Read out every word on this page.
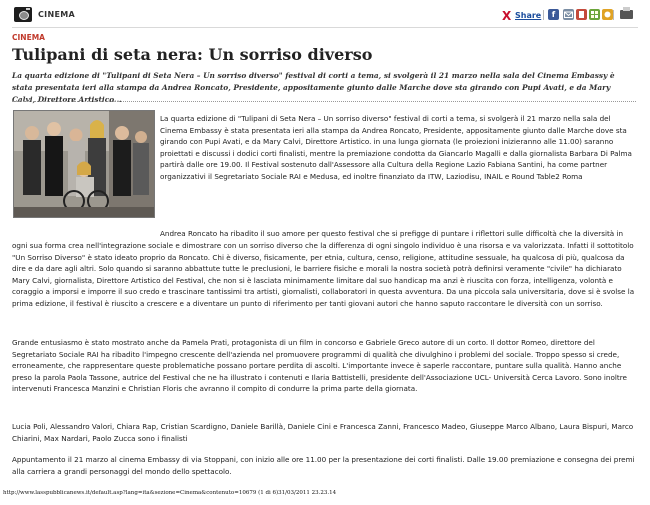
CINEMA	X Share	f
CINEMA
Tulipani di seta nera: Un sorriso diverso

La quarta edizione di "Tulipani di Seta Nera – Un sorriso diverso" festival di corti a tema, si svolgerà il 21 marzo nella sala del Cinema Embassy è stata presentata ieri alla stampa da Andrea Roncato, Presidente, appositamente giunto dalle Marche dove sta girando con Pupi Avati, e da Mary Calvi, Direttore Artistico...

La quarta edizione di "Tulipani di Seta Nera – Un sorriso diverso" festival di corti a tema, si svolgerà il 21 marzo nella sala del
Cinema Embassy è stata presentata ieri alla stampa da Andrea Roncato, Presidente, appositamente giunto dalle Marche dove sta
girando con Pupi Avati, e da Mary Calvi, Direttore Artistico. in una lunga giornata (le proiezioni inizieranno alle 11.00) saranno
proiettati e discussi i dodici corti finalisti, mentre la premiazione condotta da Giancarlo Magalli e dalla giornalista Barbara Di Palma
partirà dalle ore 19.00. Il Festival sostenuto dall'Assessore alla Cultura della Regione Lazio Fabiana Santini, ha come partner
organizzativi il Segretariato Sociale RAI e Medusa, ed inoltre finanziato da ITW, Laziodisu, INAIL e Round Table2 Roma

Andrea Roncato ha ribadito il suo amore per questo festival che si prefigge di puntare i riflettori sulle difficoltà che la diversità in

ogni sua forma crea nell'integrazione sociale e dimostrare con un sorriso diverso che la differenza di ogni singolo individuo è una risorsa e va valorizzata. Infatti il sottotitolo "Un Sorriso Diverso" è stato ideato proprio da Roncato. Chi è diverso, fisicamente, per etnia, cultura, censo, religione, attitudine sessuale, ha qualcosa di più, qualcosa da dire e da dare agli altri. Solo quando si saranno abbattute tutte le preclusioni, le barriere fisiche e morali la nostra società potrà definirsi veramente "civile" ha dichiarato Mary Calvi, giornalista, Direttore Artistico del Festival, che non si è lasciata minimamente limitare dal suo handicap ma anzi è riuscita con forza, intelligenza, volontà e coraggio a imporsi e imporre il suo credo e trascinare tantissimi tra artisti, giornalisti, collaboratori in questa avventura. Da una piccola sala universitaria, dove si è svolse la prima edizione, il festival è riuscito a crescere e a diventare un punto di riferimento per tanti giovani autori che hanno saputo raccontare le diversità con un sorriso.

Grande entusiasmo è stato mostrato anche da Pamela Prati, protagonista di un film in concorso e Gabriele Greco autore di un corto. Il dottor Romeo, direttore del Segretariato Sociale RAI ha ribadito l'impegno crescente dell'azienda nel promuovere programmi di qualità che divulghino i problemi del sociale. Troppo spesso si crede, erroneamente, che rappresentare queste problematiche possano portare perdita di ascolti. L'importante invece è saperle raccontare, puntare sulla qualità. Hanno anche preso la parola Paola Tassone, autrice del Festival che ne ha illustrato i contenuti e Ilaria Battistelli, presidente dell'Associazione UCL- Università Cerca Lavoro. Sono inoltre intervenuti Francesca Manzini e Christian Floris che avranno il compito di condurre la prima parte della giornata.

Lucia Poli, Alessandro Valori, Chiara Rap, Cristian Scardigno, Daniele Barillà, Daniele Cini e Francesca Zanni, Francesco Madeo, Giuseppe Marco Albano, Laura Bispuri, Marco Chiarini, Max Nardari, Paolo Zucca sono i finalisti

Appuntamento il 21 marzo al cinema Embassy di via Stoppani, con inizio alle ore 11.00 per la presentazione dei corti finalisti. Dalle 19.00 premiazione e consegna dei premi alla carriera a grandi personaggi del mondo dello spettacolo.

http://www.lasspubblicanews.it/default.asp?lang=ita&sezione=Cinema&contenuto=10679 (1 di 6)31/03/2011 23.23.14
